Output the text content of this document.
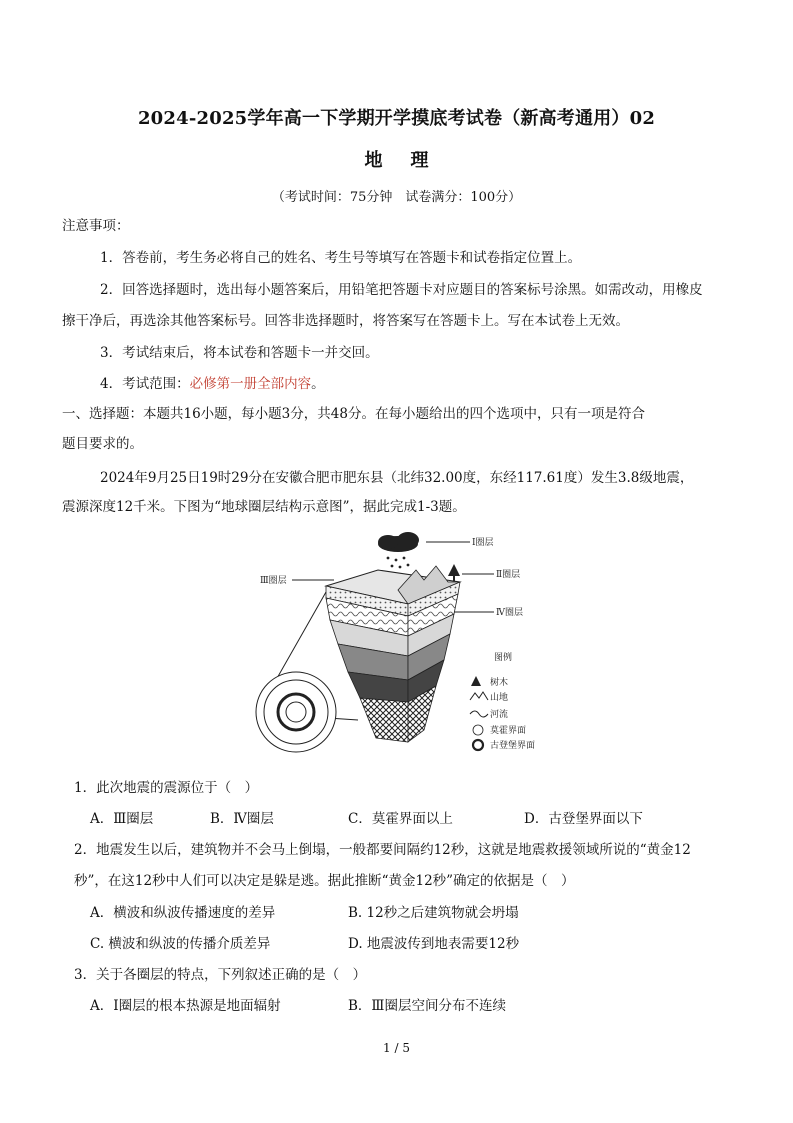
2024-2025学年高一下学期开学摸底考试卷（新高考通用）02
地理
（考试时间：75分钟　试卷满分：100分）
注意事项：
1．答卷前，考生务必将自己的姓名、考生号等填写在答题卡和试卷指定位置上。
2．回答选择题时，选出每小题答案后，用铅笔把答题卡对应题目的答案标号涂黑。如需改动，用橡皮
擦干净后，再选涂其他答案标号。回答非选择题时，将答案写在答题卡上。写在本试卷上无效。
3．考试结束后，将本试卷和答题卡一并交回。
4．考试范围：必修第一册全部内容。
一、选择题：本题共16小题，每小题3分，共48分。在每小题给出的四个选项中，只有一项是符合
题目要求的。
2024年9月25日19时29分在安徽合肥市肥东县（北纬32.00度，东经117.61度）发生3.8级地震，
震源深度12千米。下图为“地球圈层结构示意图”，据此完成1-3题。
Ⅰ圈层
Ⅲ圈层
Ⅱ圈层
Ⅳ圈层
图例
树木
山地
河流
莫霍界面
古登堡界面
1．此次地震的震源位于（　）
A．Ⅲ圈层	B．Ⅳ圈层	C．莫霍界面以上	D．古登堡界面以下
2．地震发生以后，建筑物并不会马上倒塌，一般都要间隔约12秒，这就是地震救援领域所说的“黄金12
秒”，在这12秒中人们可以决定是躲是逃。据此推断“黄金12秒”确定的依据是（　）
A．横波和纵波传播速度的差异	B. 12秒之后建筑物就会坍塌
C. 横波和纵波的传播介质差异	D. 地震波传到地表需要12秒
3．关于各圈层的特点，下列叙述正确的是（　）
A．Ⅰ圈层的根本热源是地面辐射	B．Ⅲ圈层空间分布不连续
1 / 5
